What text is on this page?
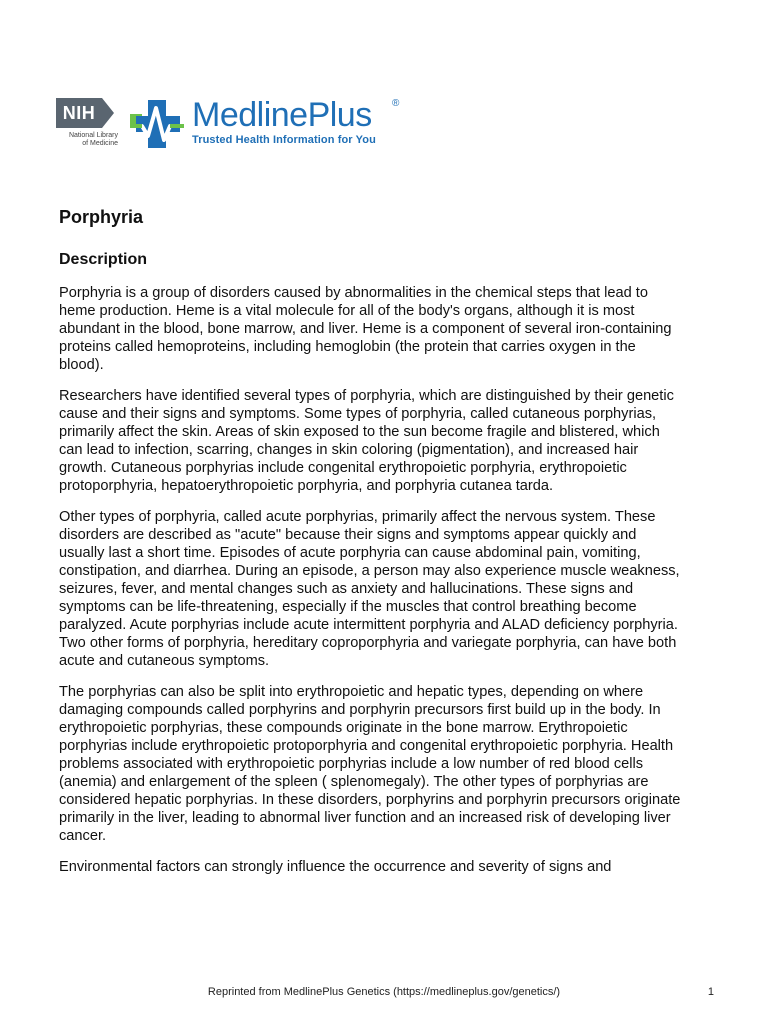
NIH
National Library
of Medicine
MedlinePlus ®
Trusted Health Information for You
Porphyria
Description

Porphyria is a group of disorders caused by abnormalities in the chemical steps that lead to heme production. Heme is a vital molecule for all of the body's organs, although it is most abundant in the blood, bone marrow, and liver. Heme is a component of several iron-containing proteins called hemoproteins, including hemoglobin (the protein that carries oxygen in the blood).

Researchers have identified several types of porphyria, which are distinguished by their genetic cause and their signs and symptoms. Some types of porphyria, called cutaneous porphyrias, primarily affect the skin. Areas of skin exposed to the sun become fragile and blistered, which can lead to infection, scarring, changes in skin coloring (pigmentation), and increased hair growth. Cutaneous porphyrias include congenital erythropoietic porphyria, erythropoietic protoporphyria, hepatoerythropoietic porphyria, and porphyria cutanea tarda.

Other types of porphyria, called acute porphyrias, primarily affect the nervous system. These disorders are described as "acute" because their signs and symptoms appear quickly and usually last a short time. Episodes of acute porphyria can cause abdominal pain, vomiting, constipation, and diarrhea. During an episode, a person may also experience muscle weakness, seizures, fever, and mental changes such as anxiety and hallucinations. These signs and symptoms can be life-threatening, especially if the muscles that control breathing become paralyzed. Acute porphyrias include acute intermittent porphyria and ALAD deficiency porphyria. Two other forms of porphyria, hereditary coproporphyria and variegate porphyria, can have both acute and cutaneous symptoms.

The porphyrias can also be split into erythropoietic and hepatic types, depending on where damaging compounds called porphyrins and porphyrin precursors first build up in the body. In erythropoietic porphyrias, these compounds originate in the bone marrow. Erythropoietic porphyrias include erythropoietic protoporphyria and congenital erythropoietic porphyria. Health problems associated with erythropoietic porphyrias include a low number of red blood cells (anemia) and enlargement of the spleen ( splenomegaly). The other types of porphyrias are considered hepatic porphyrias. In these disorders, porphyrins and porphyrin precursors originate primarily in the liver, leading to abnormal liver function and an increased risk of developing liver cancer.

Environmental factors can strongly influence the occurrence and severity of signs and

Reprinted from MedlinePlus Genetics (https://medlineplus.gov/genetics/)	1
